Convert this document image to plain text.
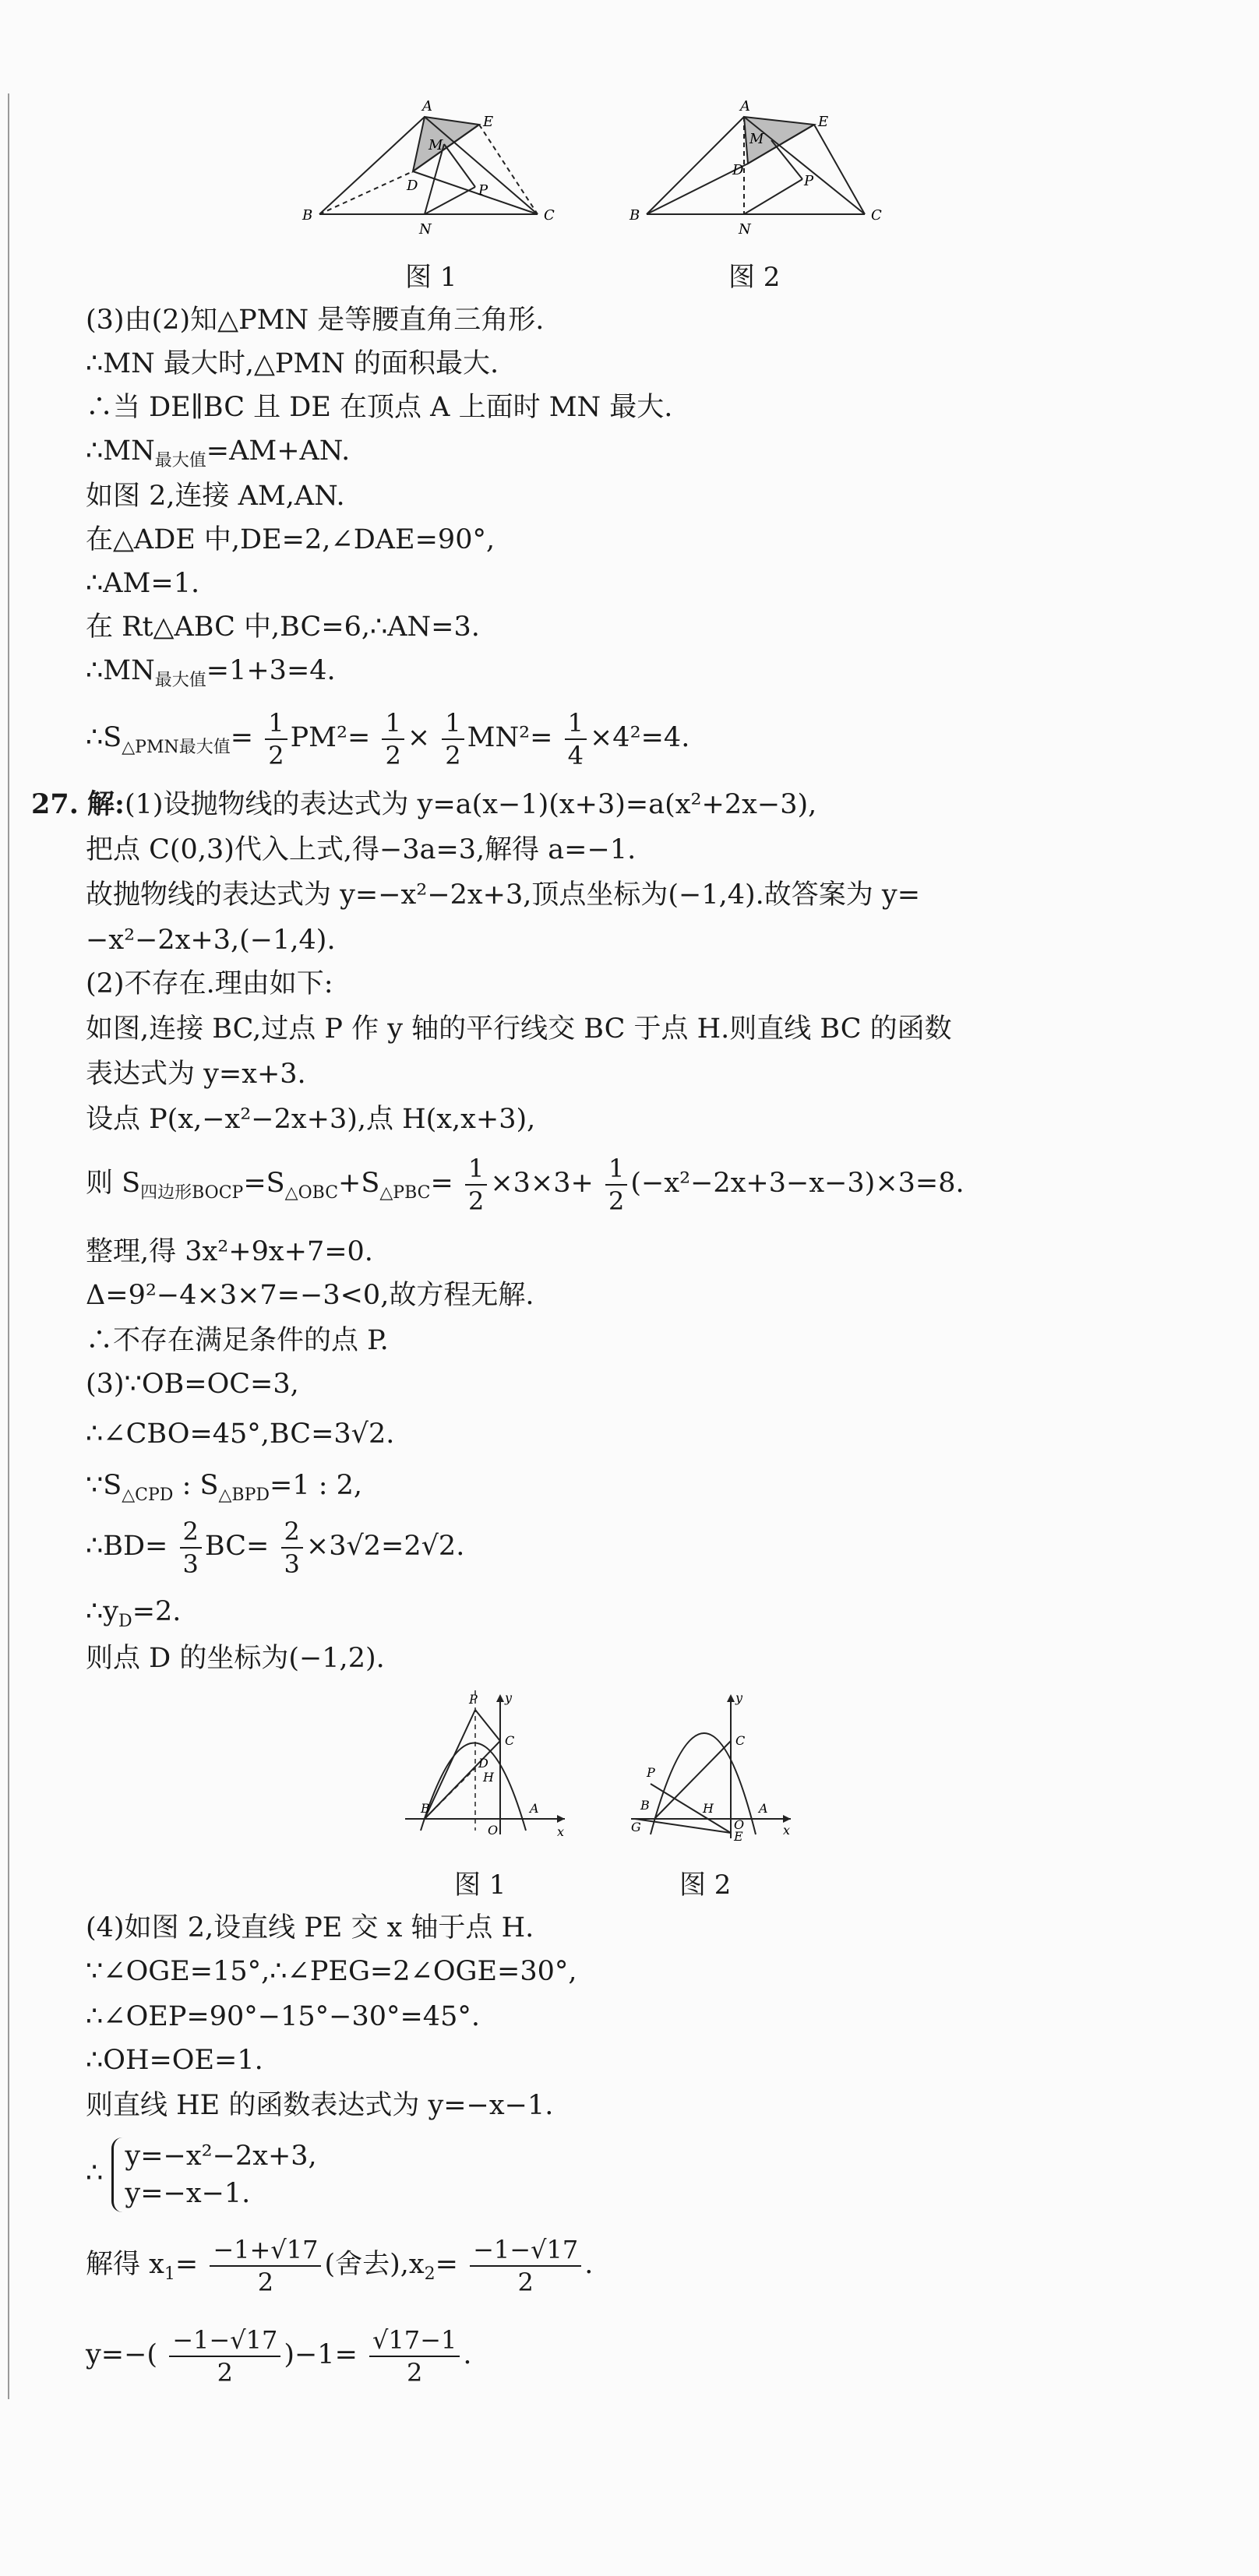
A
E
M
D	P
B	C
N
A
E
M
D
P
B	C
N
图 1	图 2
(3)由(2)知△PMN 是等腰直角三角形.
∴MN 最大时,△PMN 的面积最大.
∴当 DE∥BC 且 DE 在顶点 A 上面时 MN 最大.
$\therefore MN_{最大值}=AM+AN$.
如图 2,连接 AM,AN.
在△ADE 中,DE=2,∠DAE=90°,
∴AM=1.
在 Rt△ABC 中,BC=6,∴AN=3.
$\therefore MN_{最大值}=1+3=4$.
$\therefore S_{\triangle PMN最大值}= \frac{1}{2} PM^2= \frac{1}{2} \times \frac{1}{2} MN^2= \frac{1}{4} \times 4^2=4$.
27. 解:(1)设抛物线的表达式为 y=a(x−1)(x+3)=a(x²+2x−3),
把点 C(0,3)代入上式,得−3a=3,解得 a=−1.
故抛物线的表达式为 y=−x²−2x+3,顶点坐标为(−1,4).故答案为 y=
−x²−2x+3,(−1,4).
(2)不存在.理由如下:
如图,连接 BC,过点 P 作 y 轴的平行线交 BC 于点 H.则直线 BC 的函数
表达式为 y=x+3.
设点 P(x,−x²−2x+3),点 H(x,x+3),
则 $S_{四边形BOCP}=S_{\triangle OBC}+S_{\triangle PBC}= \frac{1}{2} \times 3\times 3+ \frac{1}{2} (-x^2-2x+3-x-3)\times 3=8$.
整理,得 3x²+9x+7=0.
Δ=9²−4×3×7=−3<0,故方程无解.
∴不存在满足条件的点 P.
(3)∵OB=OC=3,
∴∠CBO=45°,BC=3√2.
$\because S_{\triangle CPD}$ : $S_{\triangle BPD}=1$ : 2,
∴BD= $\frac{2}{3} BC= \frac{2}{3} \times 3√2=2√2$.
$\therefore y_D=2$.
则点 D 的坐标为(−1,2).
P
C
D
H
B
O
A
x
y
P
C
H
B
G	O
A
E	x
y
图 1	图 2
(4)如图 2,设直线 PE 交 x 轴于点 H.
∵∠OGE=15°,∴∠PEG=2∠OGE=30°,
∴∠OEP=90°−15°−30°=45°.
∴OH=OE=1.
则直线 HE 的函数表达式为 y=−x−1.
∴
y=−x²−2x+3,
y=−x−1.
解得 $x_1= \frac{-1+√17}{2}$ (舍去)$,x_2= \frac{-1-√17}{2}$ .
$y=-( \frac{-1-√17}{2} )-1= \frac{√17-1}{2}$ .
